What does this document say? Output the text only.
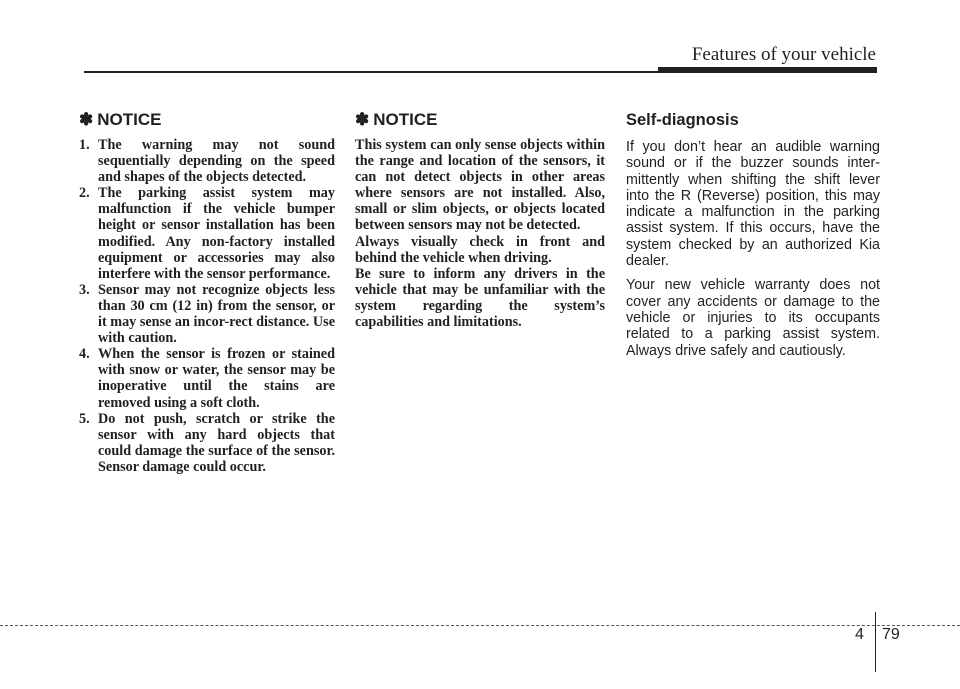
Features of your vehicle
✽ NOTICE
1. The warning may not sound sequentially depending on the speed and shapes of the objects detected.
2. The parking assist system may malfunction if the vehicle bumper height or sensor installation has been modified. Any non-factory installed equipment or accessories may also interfere with the sensor performance.
3. Sensor may not recognize objects less than 30 cm (12 in) from the sensor, or it may sense an incor-rect distance. Use with caution.
4. When the sensor is frozen or stained with snow or water, the sensor may be inoperative until the stains are removed using a soft cloth.
5. Do not push, scratch or strike the sensor with any hard objects that could damage the surface of the sensor. Sensor damage could occur.
✽ NOTICE

This system can only sense objects within the range and location of the sensors, it can not detect objects in other areas where sensors are not installed. Also, small or slim objects, or objects located between sensors may not be detected.

Always visually check in front and behind the vehicle when driving.

Be sure to inform any drivers in the vehicle that may be unfamiliar with the system regarding the system’s capabilities and limitations.

Self-diagnosis

If you don’t hear an audible warning sound or if the buzzer sounds inter-mittently when shifting the shift lever into the R (Reverse) position, this may indicate a malfunction in the parking assist system. If this occurs, have the system checked by an authorized Kia dealer.

Your new vehicle warranty does not cover any accidents or damage to the vehicle or injuries to its occupants related to a parking assist system. Always drive safely and cautiously.

4 79
